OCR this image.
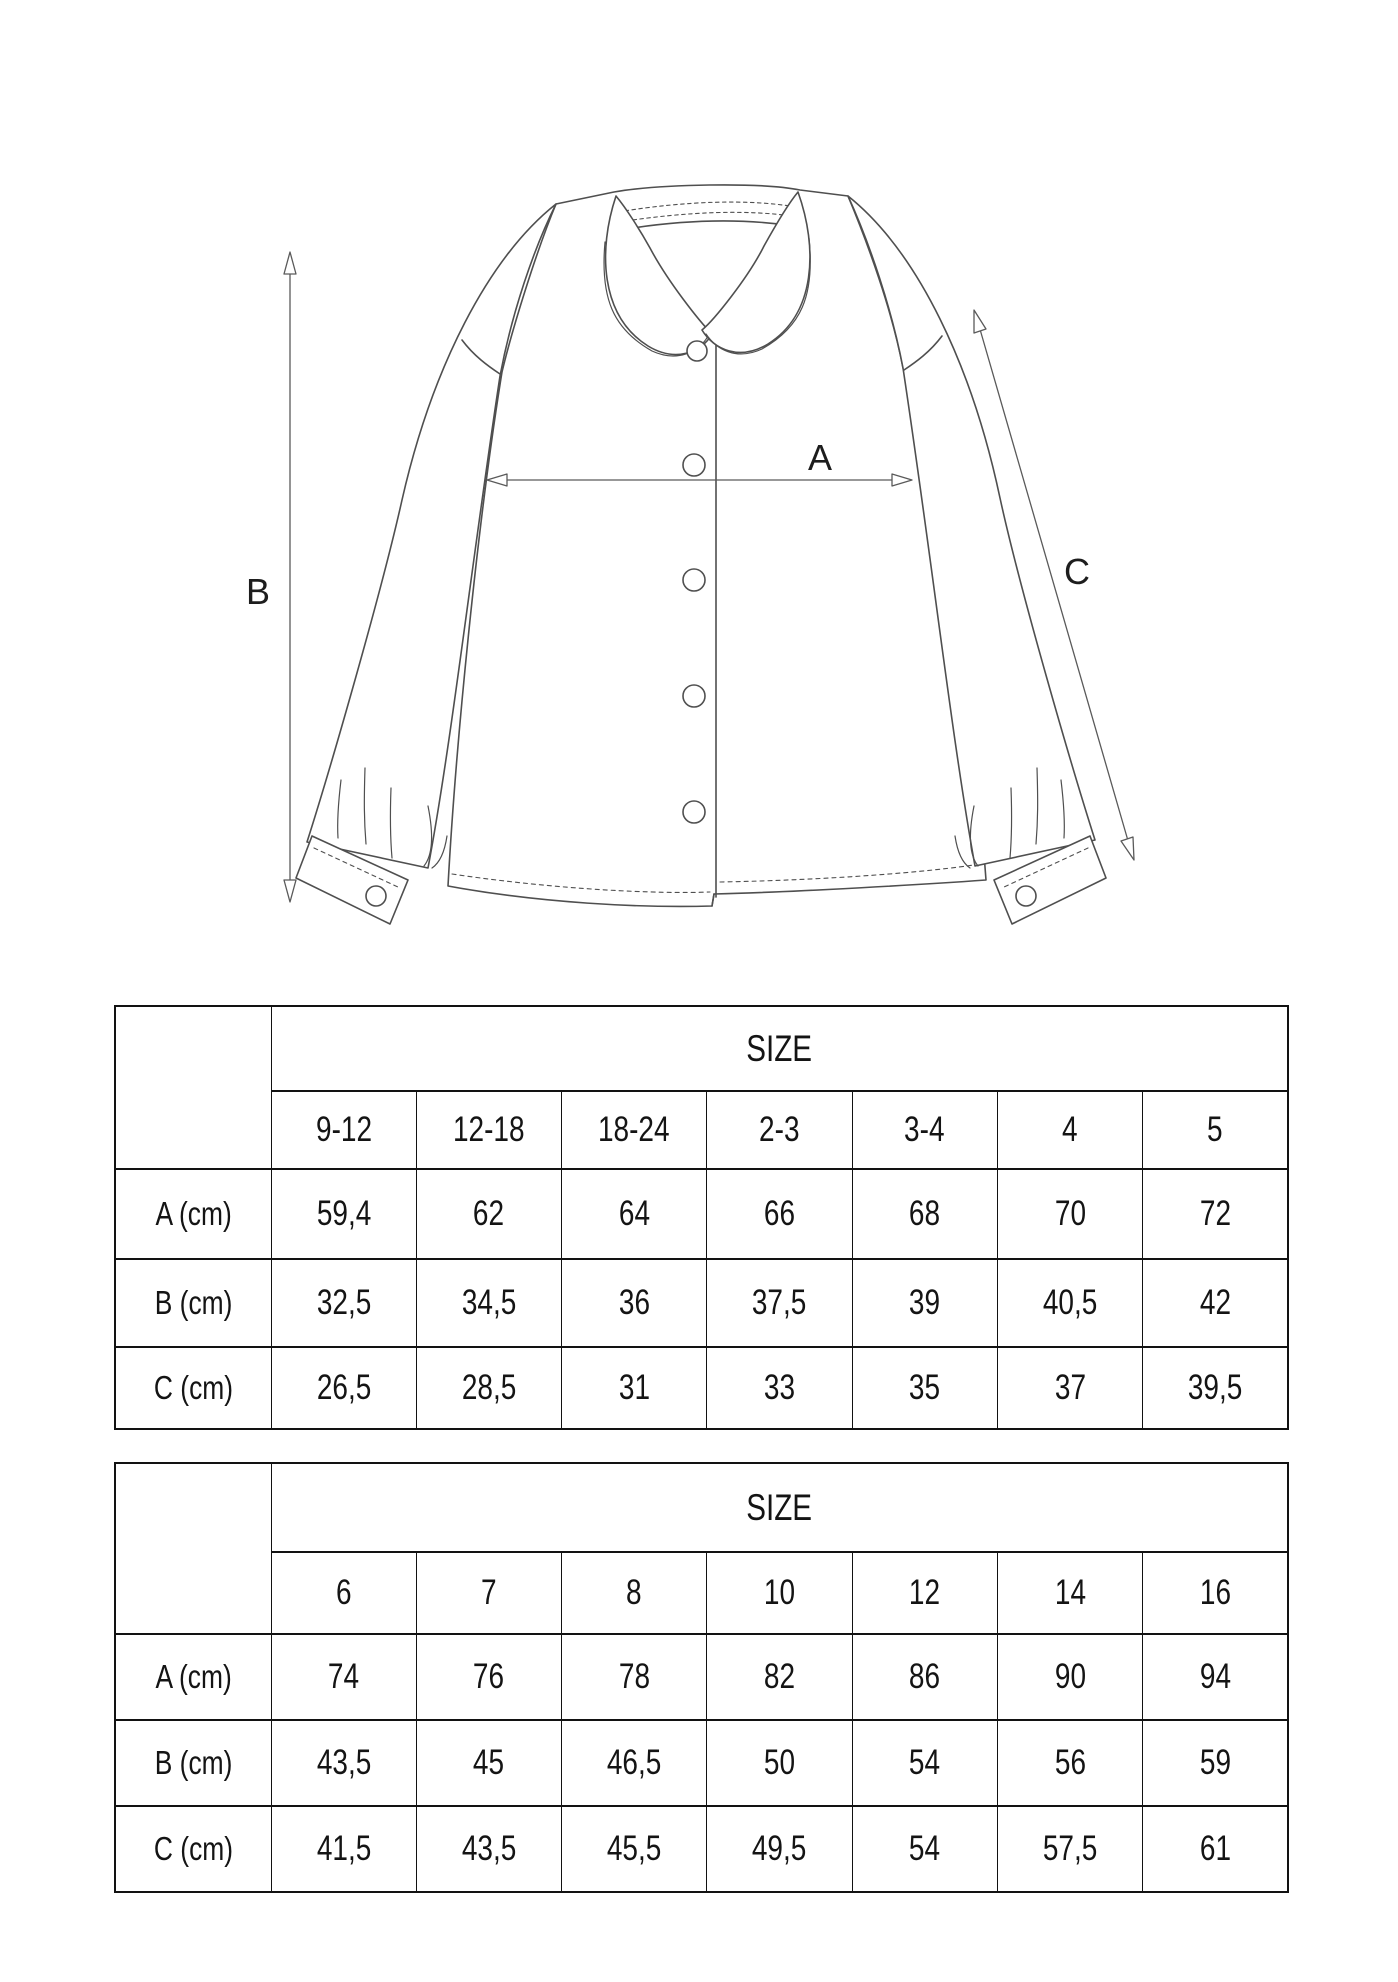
B
A
C
	SIZE						
	9-12	12-18	18-24	2-3	3-4	4	5
A (cm)	59,4	62	64	66	68	70	72
B (cm)	32,5	34,5	36	37,5	39	40,5	42
C (cm)	26,5	28,5	31	33	35	37	39,5
	SIZE						
	6	7	8	10	12	14	16
A (cm)	74	76	78	82	86	90	94
B (cm)	43,5	45	46,5	50	54	56	59
C (cm)	41,5	43,5	45,5	49,5	54	57,5	61
